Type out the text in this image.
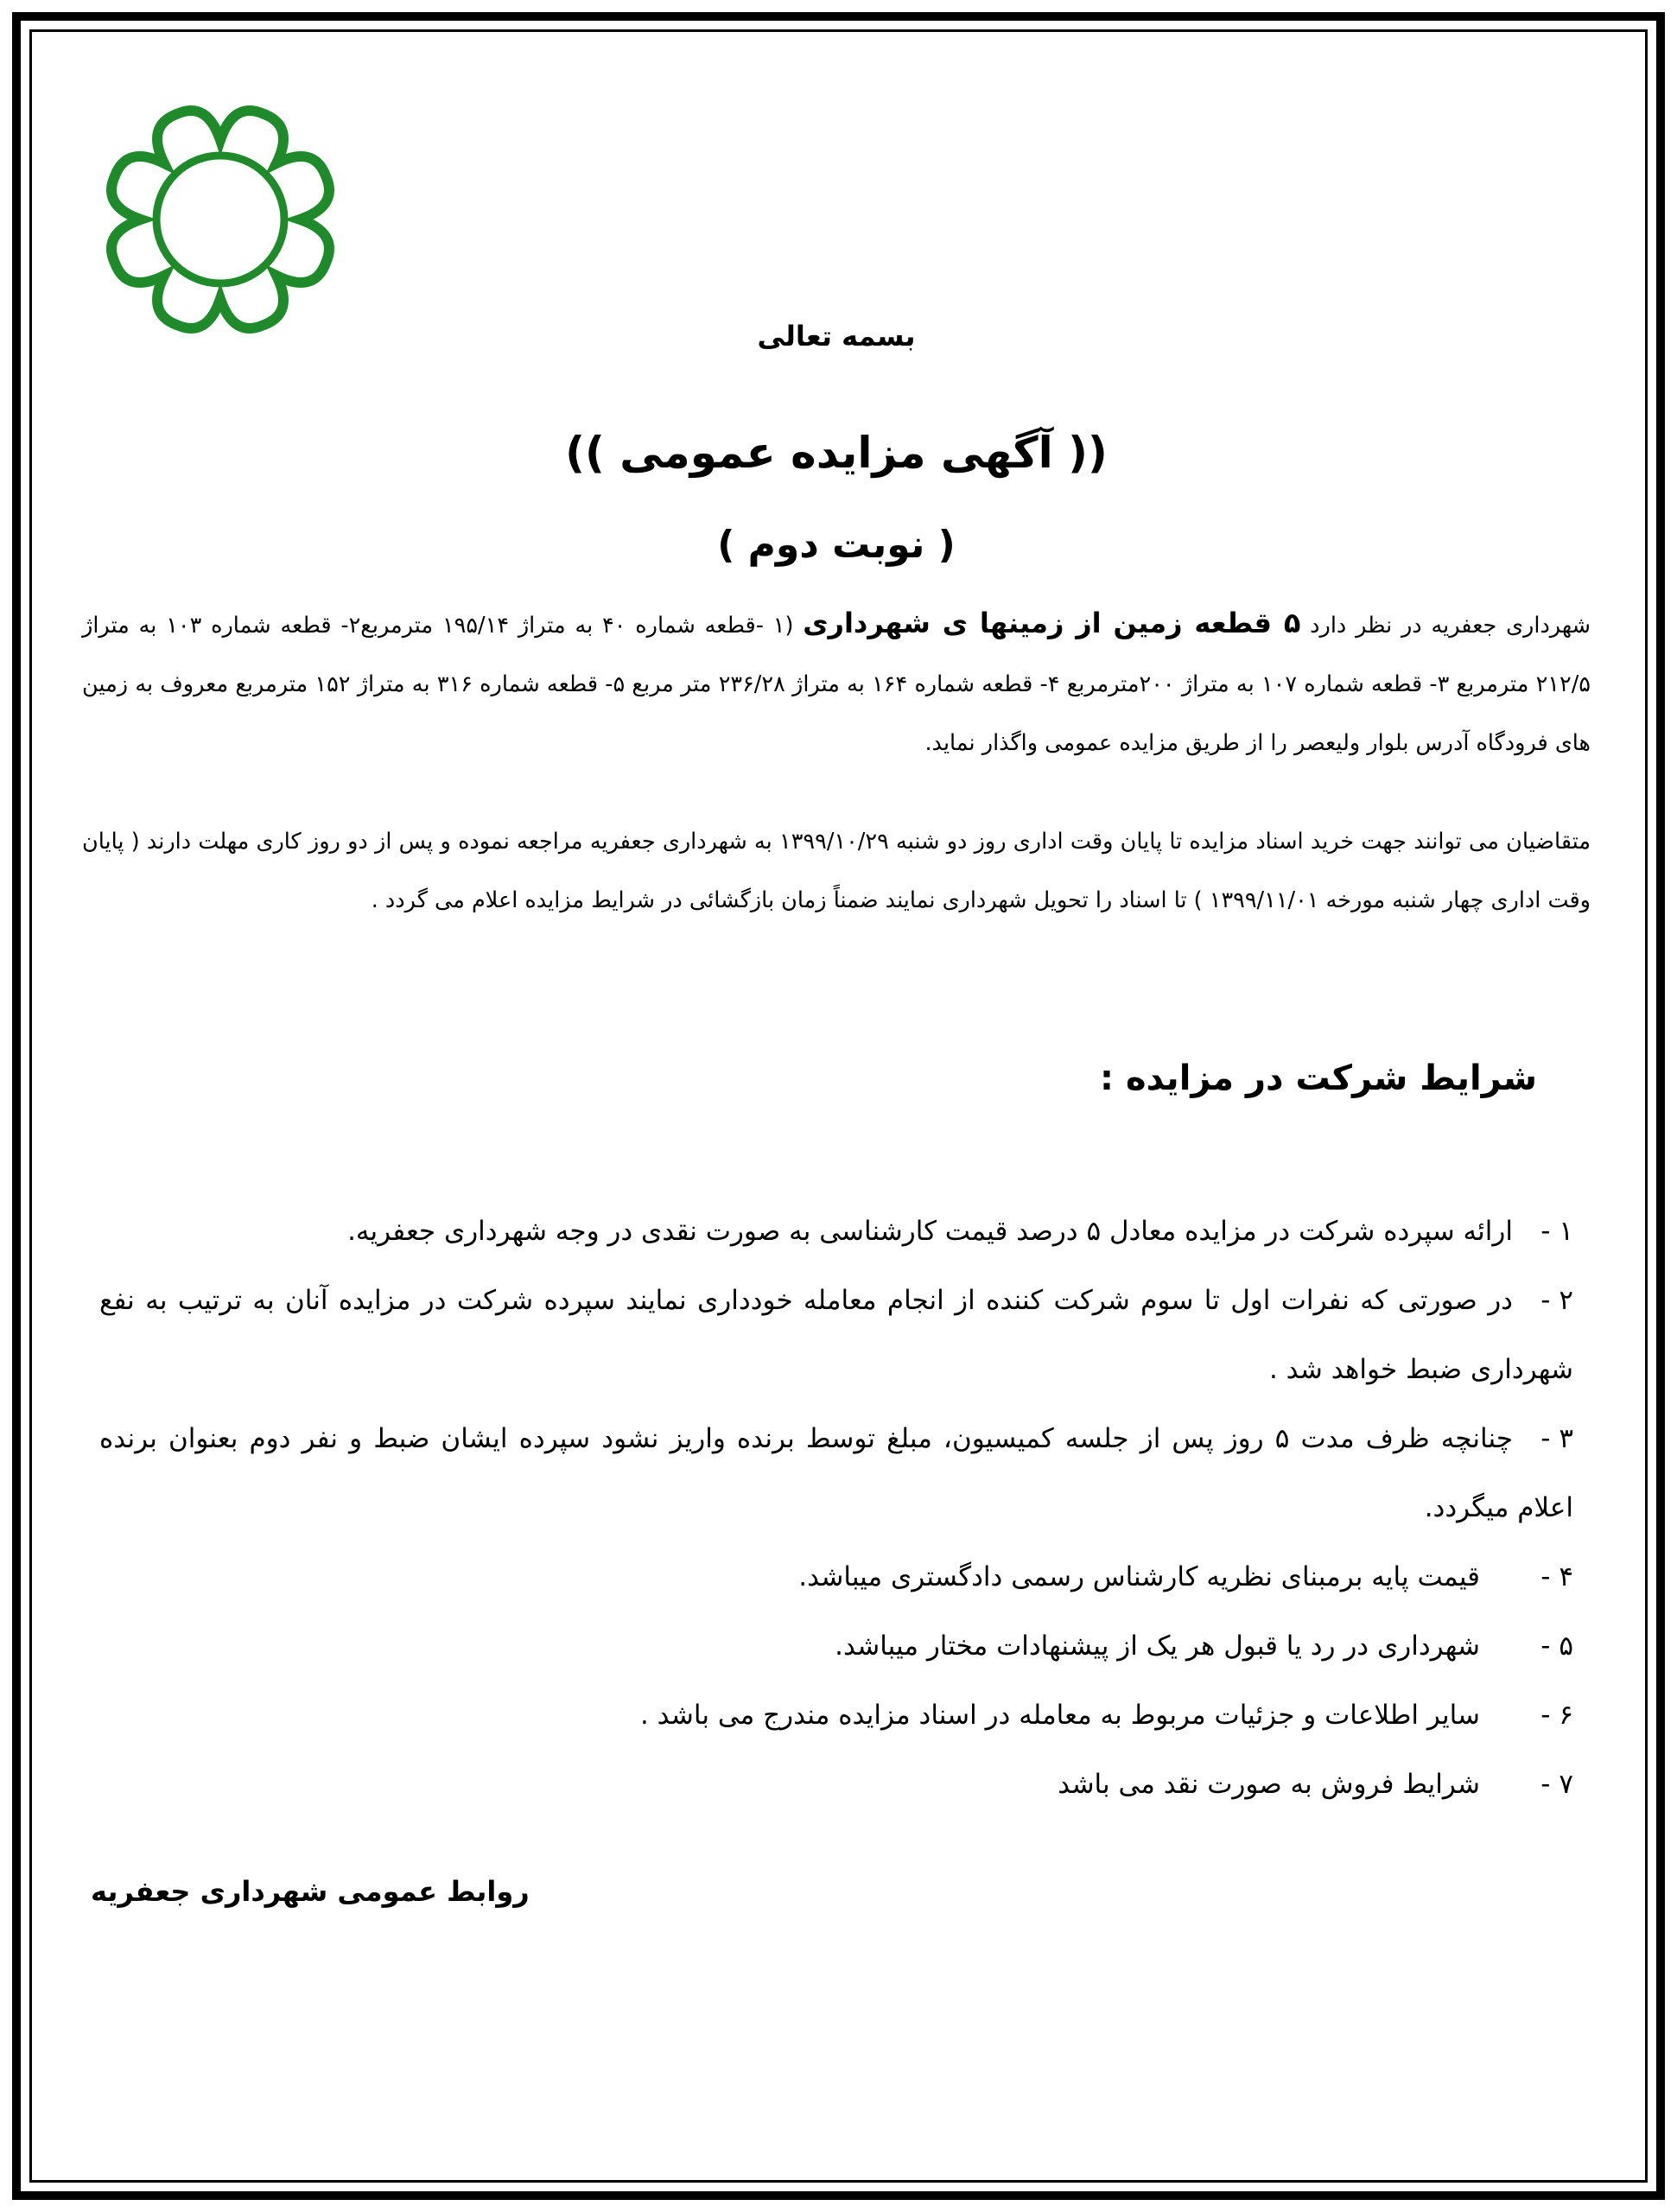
بسمه تعالی
(( آگهی مزایده عمومی ))
( نوبت دوم )
شهرداری جعفریه در نظر دارد ۵ قطعه زمین از زمینها ی شهرداری (۱ -قطعه شماره ۴۰ به متراژ ۱۹۵/۱۴ مترمربع۲- قطعه شماره ۱۰۳ به متراژ ۲۱۲/۵ مترمربع ۳- قطعه شماره ۱۰۷ به متراژ ۲۰۰مترمربع ۴- قطعه شماره ۱۶۴ به متراژ ۲۳۶/۲۸ متر مربع ۵- قطعه شماره ۳۱۶ به متراژ ۱۵۲ مترمربع معروف به زمین های فرودگاه آدرس بلوار ولیعصر را از طریق مزایده عمومی واگذار نماید.
متقاضیان می توانند جهت خرید اسناد مزایده تا پایان وقت اداری روز دو شنبه ۱۳۹۹/۱۰/۲۹ به شهرداری جعفریه مراجعه نموده و پس از دو روز کاری مهلت دارند ( پایان وقت اداری چهار شنبه مورخه ۱۳۹۹/۱۱/۰۱ ) تا اسناد را تحویل شهرداری نمایند ضمناً زمان بازگشائی در شرایط مزایده اعلام می گردد .
شرایط شرکت در مزایده :
۱ -ارائه سپرده شرکت در مزایده معادل ۵ درصد قیمت کارشناسی به صورت نقدی در وجه شهرداری جعفریه.
۲ -در صورتی که نفرات اول تا سوم شرکت کننده از انجام معامله خودداری نمایند سپرده شرکت در مزایده آنان به ترتیب به نفع شهرداری ضبط خواهد شد .
۳ -چنانچه ظرف مدت ۵ روز پس از جلسه کمیسیون، مبلغ توسط برنده واریز نشود سپرده ایشان ضبط و نفر دوم بعنوان برنده اعلام میگردد.
۴ -قیمت پایه برمبنای نظریه کارشناس رسمی دادگستری میباشد.
۵ -شهرداری در رد یا قبول هر یک از پیشنهادات مختار میباشد.
۶ -سایر اطلاعات و جزئیات مربوط به معامله در اسناد مزایده مندرج می باشد .
۷ -شرایط فروش به صورت نقد می باشد
روابط عمومی شهرداری جعفریه
